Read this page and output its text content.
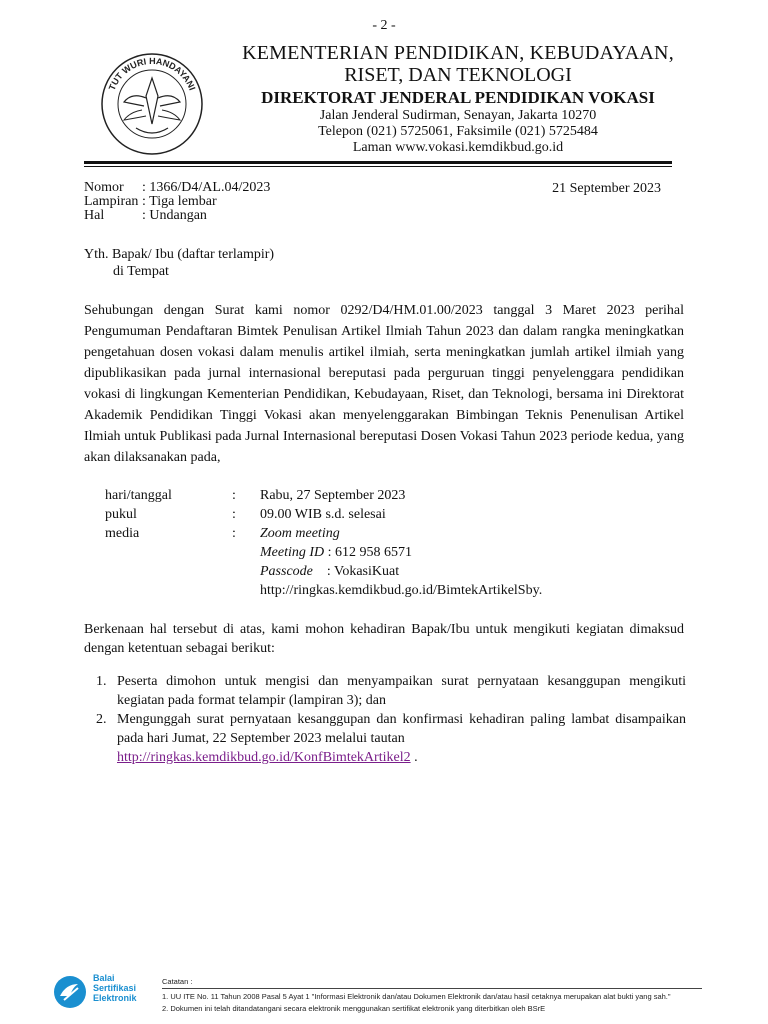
- 2 -
TUT WURI HANDAYANI
KEMENTERIAN PENDIDIKAN, KEBUDAYAAN,
RISET, DAN TEKNOLOGI
DIREKTORAT JENDERAL PENDIDIKAN VOKASI
Jalan Jenderal Sudirman, Senayan, Jakarta 10270
Telepon (021) 5725061, Faksimile (021) 5725484
Laman www.vokasi.kemdikbud.go.id
Nomor : 1366/D4/AL.04/2023
Lampiran : Tiga lembar
Hal	: Undangan
21 September 2023
Yth. Bapak/ Ibu (daftar terlampir)
di Tempat
Sehubungan dengan Surat kami nomor 0292/D4/HM.01.00/2023 tanggal 3 Maret 2023 perihal Pengumuman Pendaftaran Bimtek Penulisan Artikel Ilmiah Tahun 2023 dan dalam rangka meningkatkan pengetahuan dosen vokasi dalam menulis artikel ilmiah, serta meningkatkan jumlah artikel ilmiah yang dipublikasikan pada jurnal internasional bereputasi pada perguruan tinggi penyelenggara pendidikan vokasi di lingkungan Kementerian Pendidikan, Kebudayaan, Riset, dan Teknologi, bersama ini Direktorat Akademik Pendidikan Tinggi Vokasi akan menyelenggarakan Bimbingan Teknis Penenulisan Artikel Ilmiah untuk Publikasi pada Jurnal Internasional bereputasi Dosen Vokasi Tahun 2023 periode kedua, yang akan dilaksanakan pada,
hari/tanggal	: Rabu, 27 September 2023
pukul	: 09.00 WIB s.d. selesai
media	: Zoom meeting
Meeting ID : 612 958 6571
Passcode : VokasiKuat
http://ringkas.kemdikbud.go.id/BimtekArtikelSby.
Berkenaan hal tersebut di atas, kami mohon kehadiran Bapak/Ibu untuk mengikuti kegiatan dimaksud dengan ketentuan sebagai berikut:
1. Peserta dimohon untuk mengisi dan menyampaikan surat pernyataan kesanggupan mengikuti kegiatan pada format telampir (lampiran 3); dan
2. Mengunggah surat pernyataan kesanggupan dan konfirmasi kehadiran paling lambat disampaikan pada hari Jumat, 22 September 2023 melalui tautan
http://ringkas.kemdikbud.go.id/KonfBimtekArtikel2 .
Balai
Sertifikasi
Elektronik
Catatan :
1. UU ITE No. 11 Tahun 2008 Pasal 5 Ayat 1 "Informasi Elektronik dan/atau Dokumen Elektronik dan/atau hasil cetaknya merupakan alat bukti yang sah."
2. Dokumen ini telah ditandatangani secara elektronik menggunakan sertifikat elektronik yang diterbitkan oleh BSrE
